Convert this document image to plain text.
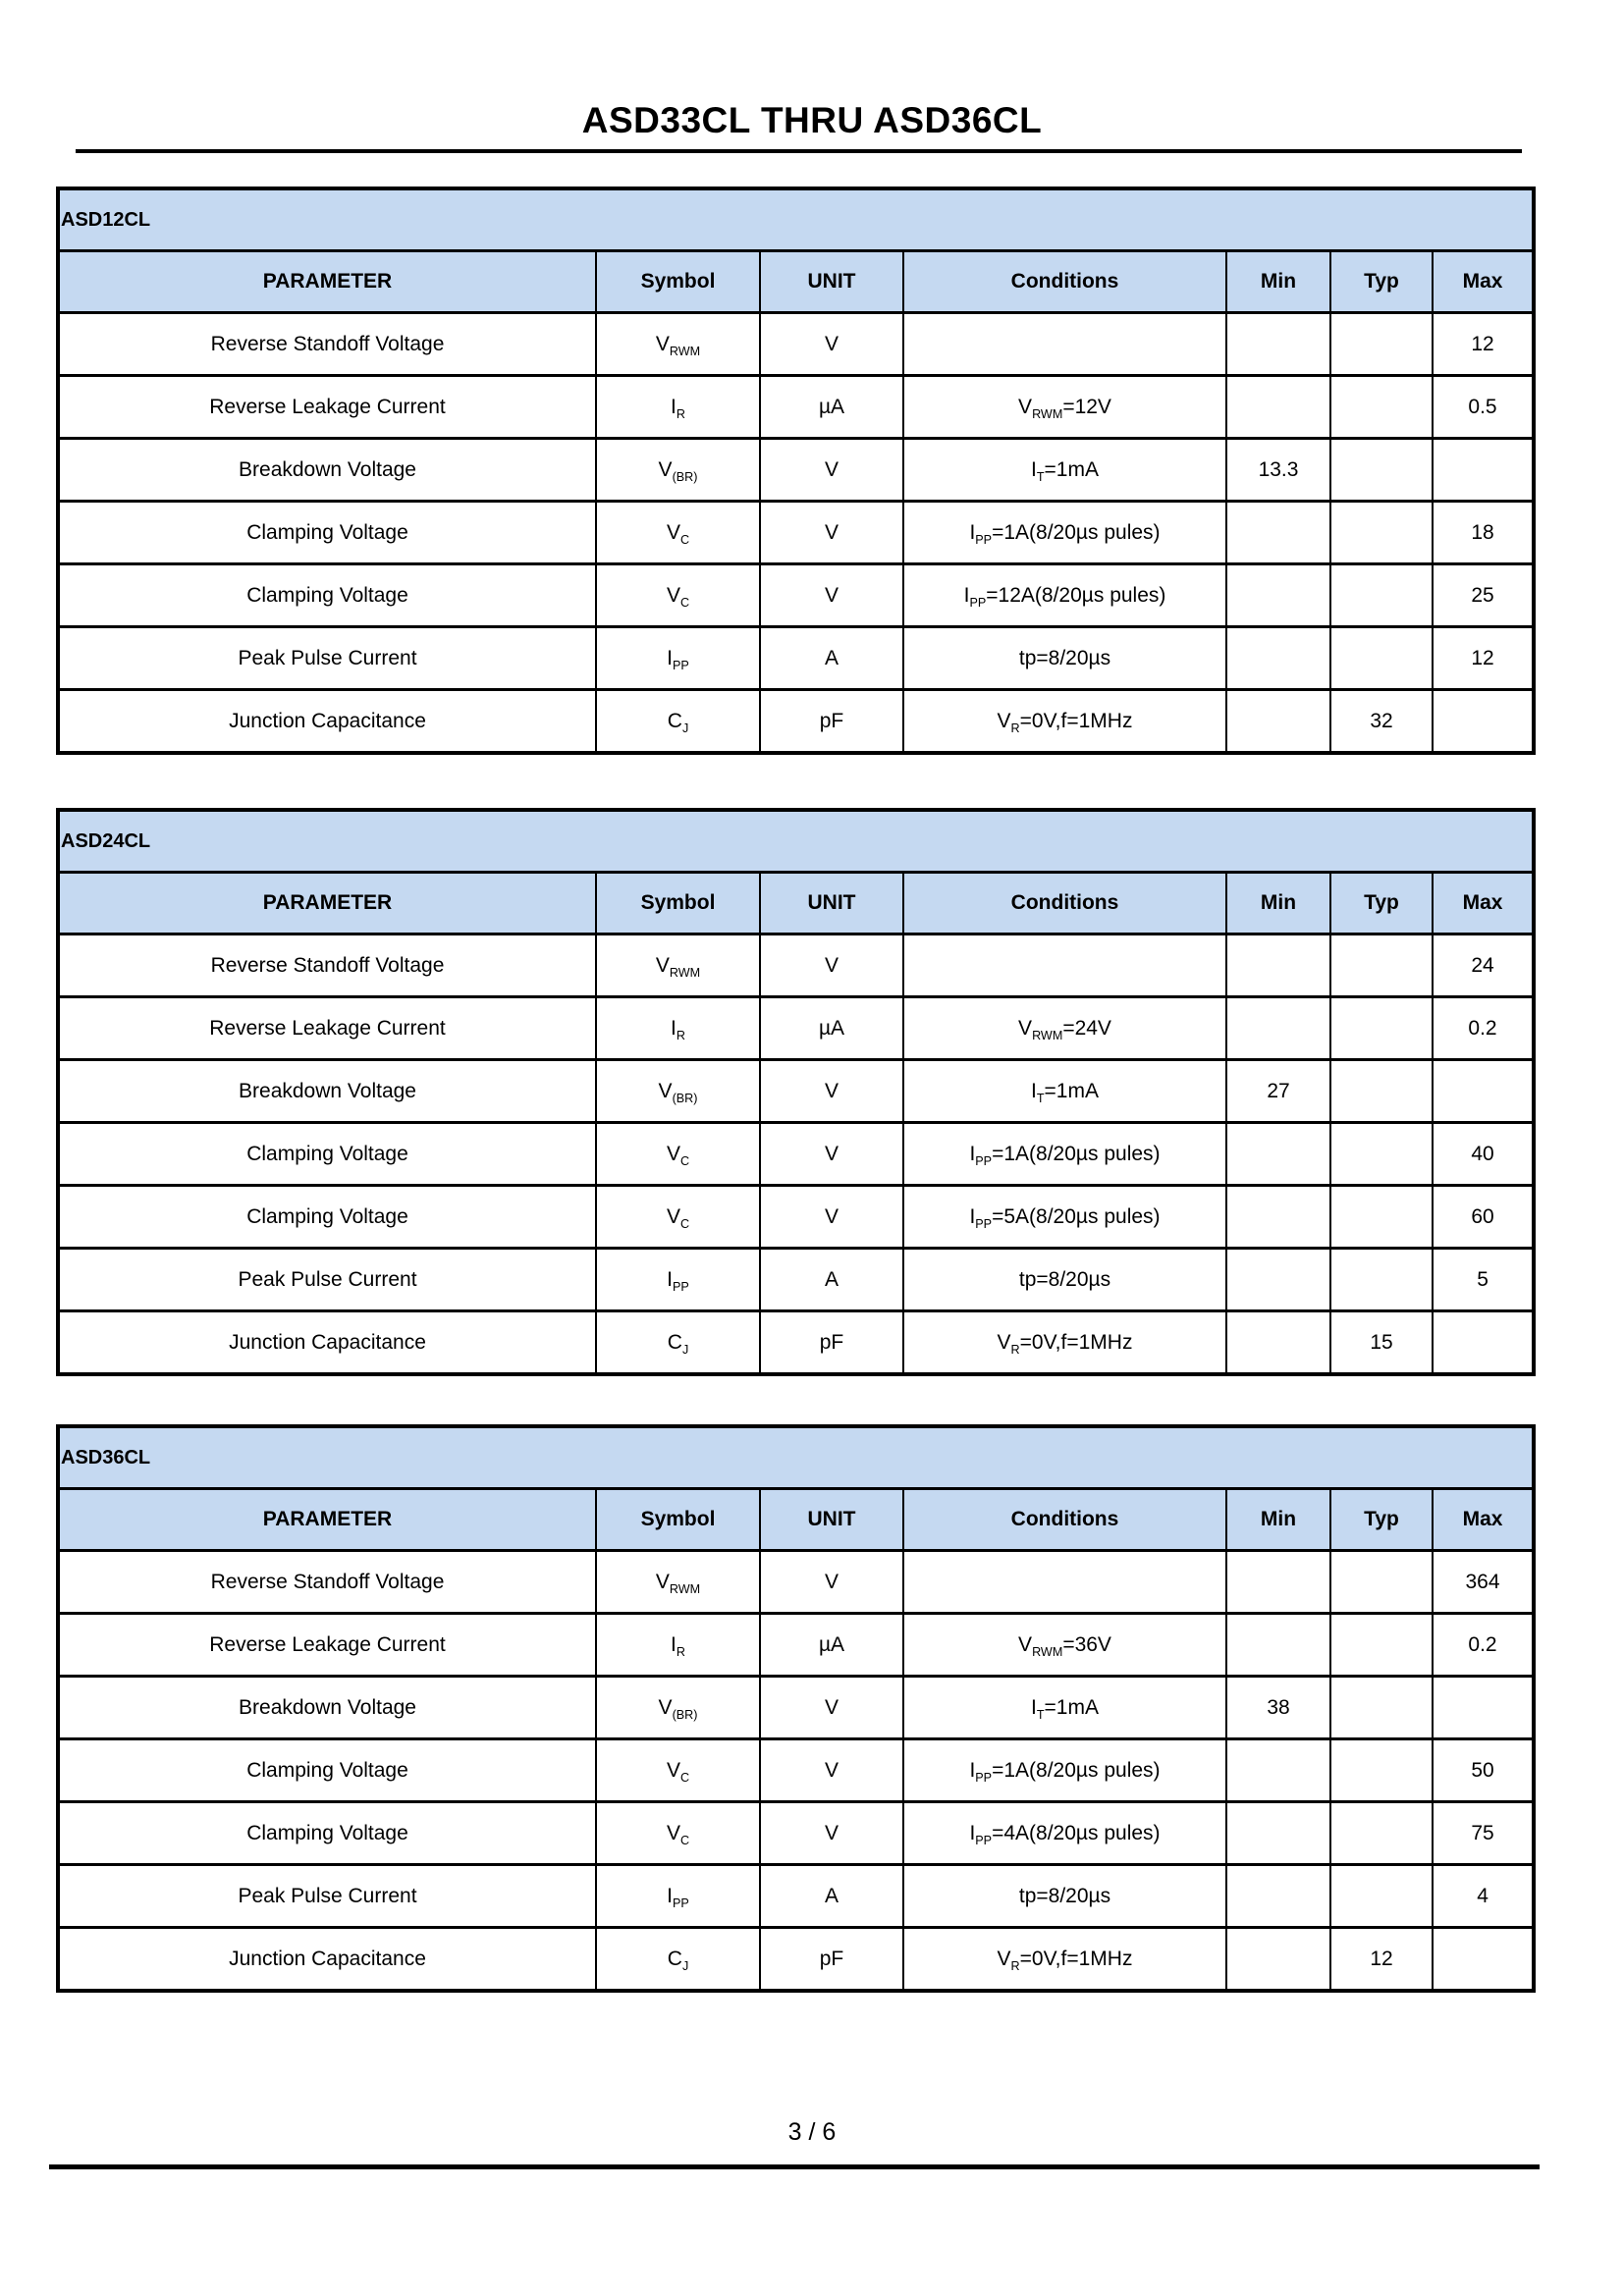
ASD33CL THRU ASD36CL
ASD12CL						
PARAMETER	Symbol	UNIT	Conditions	Min	Typ	Max
Reverse Standoff Voltage	$V_{RWM}$	V				12
Reverse Leakage Current	$I_R$	µA	$V_{RWM}=12V$			0.5
Breakdown Voltage	$V_{(BR)}$	V	$I_T=1mA$	13.3		
Clamping Voltage	$V_C$	V	$I_{PP}=1A(8/20\mu s$ pules)			18
Clamping Voltage	$V_C$	V	$I_{PP}=12A(8/20\mu s$ pules)			25
Peak Pulse Current	$I_{PP}$	A	tp=8/20µs			12
Junction Capacitance	$C_J$	pF	$V_R=0V,f=1MHz$		32	
ASD24CL						
PARAMETER	Symbol	UNIT	Conditions	Min	Typ	Max
Reverse Standoff Voltage	$V_{RWM}$	V				24
Reverse Leakage Current	$I_R$	µA	$V_{RWM}=24V$			0.2
Breakdown Voltage	$V_{(BR)}$	V	$I_T=1mA$	27		
Clamping Voltage	$V_C$	V	$I_{PP}=1A(8/20\mu s$ pules)			40
Clamping Voltage	$V_C$	V	$I_{PP}=5A(8/20\mu s$ pules)			60
Peak Pulse Current	$I_{PP}$	A	tp=8/20µs			5
Junction Capacitance	$C_J$	pF	$V_R=0V,f=1MHz$		15	
ASD36CL						
PARAMETER	Symbol	UNIT	Conditions	Min	Typ	Max
Reverse Standoff Voltage	$V_{RWM}$	V				364
Reverse Leakage Current	$I_R$	µA	$V_{RWM}=36V$			0.2
Breakdown Voltage	$V_{(BR)}$	V	$I_T=1mA$	38		
Clamping Voltage	$V_C$	V	$I_{PP}=1A(8/20\mu s$ pules)			50
Clamping Voltage	$V_C$	V	$I_{PP}=4A(8/20\mu s$ pules)			75
Peak Pulse Current	$I_{PP}$	A	tp=8/20µs			4
Junction Capacitance	$C_J$	pF	$V_R=0V,f=1MHz$		12	
3 / 6
